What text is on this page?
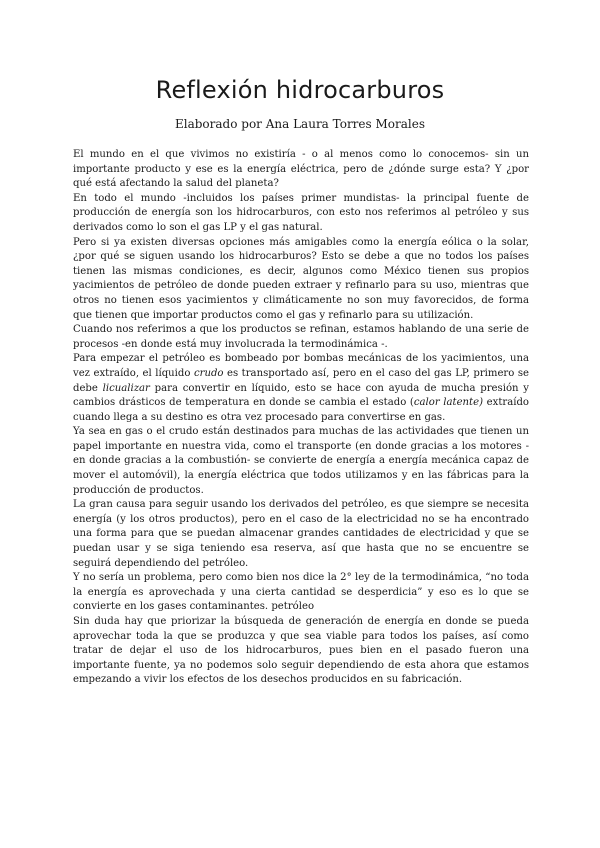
Reflexión hidrocarburos

Elaborado por Ana Laura Torres Morales

El mundo en el que vivimos no existiría - o al menos como lo conocemos- sin un importante producto y ese es la energía eléctrica, pero de ¿dónde surge esta? Y ¿por qué está afectando la salud del planeta?

En todo el mundo -incluidos los países primer mundistas- la principal fuente de producción de energía son los hidrocarburos, con esto nos referimos al petróleo y sus derivados como lo son el gas LP y el gas natural.

Pero si ya existen diversas opciones más amigables como la energía eólica o la solar, ¿por qué se siguen usando los hidrocarburos? Esto se debe a que no todos los países tienen las mismas condiciones, es decir, algunos como México tienen sus propios yacimientos de petróleo de donde pueden extraer y refinarlo para su uso, mientras que otros no tienen esos yacimientos y climáticamente no son muy favorecidos, de forma que tienen que importar productos como el gas y refinarlo para su utilización.

Cuando nos referimos a que los productos se refinan, estamos hablando de una serie de procesos -en donde está muy involucrada la termodinámica -.

Para empezar el petróleo es bombeado por bombas mecánicas de los yacimientos, una vez extraído, el líquido crudo es transportado así, pero en el caso del gas LP, primero se debe licualizar para convertir en líquido, esto se hace con ayuda de mucha presión y cambios drásticos de temperatura en donde se cambia el estado (calor latente) extraído cuando llega a su destino es otra vez procesado para convertirse en gas.

Ya sea en gas o el crudo están destinados para muchas de las actividades que tienen un papel importante en nuestra vida, como el transporte (en donde gracias a los motores -en donde gracias a la combustión- se convierte de energía a energía mecánica capaz de mover el automóvil), la energía eléctrica que todos utilizamos y en las fábricas para la producción de productos.

La gran causa para seguir usando los derivados del petróleo, es que siempre se necesita energía (y los otros productos), pero en el caso de la electricidad no se ha encontrado una forma para que se puedan almacenar grandes cantidades de electricidad y que se puedan usar y se siga teniendo esa reserva, así que hasta que no se encuentre se seguirá dependiendo del petróleo.

Y no sería un problema, pero como bien nos dice la 2° ley de la termodinámica, “no toda la energía es aprovechada y una cierta cantidad se desperdicia” y eso es lo que se convierte en los gases contaminantes. petróleo

Sin duda hay que priorizar la búsqueda de generación de energía en donde se pueda aprovechar toda la que se produzca y que sea viable para todos los países, así como tratar de dejar el uso de los hidrocarburos, pues bien en el pasado fueron una importante fuente, ya no podemos solo seguir dependiendo de esta ahora que estamos empezando a vivir los efectos de los desechos producidos en su fabricación.
